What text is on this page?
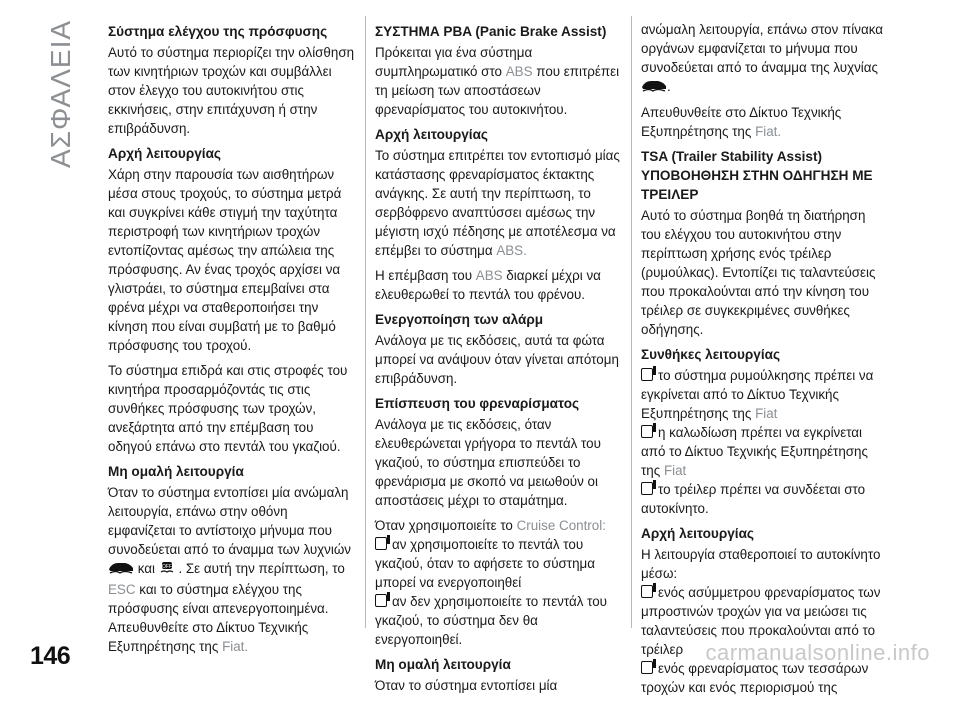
ΑΣΦΑΛΕΙΑ Σύστημα ελέγχου της πρόσφυσης

Αυτό το σύστημα περιορίζει την ολίσθηση των κινητήριων τροχών και συμβάλλει στον έλεγχο του αυτοκινήτου στις εκκινήσεις, στην επιτάχυνση ή στην επιβράδυνση.

Αρχή λειτουργίας

Χάρη στην παρουσία των αισθητήρων μέσα στους τροχούς, το σύστημα μετρά και συγκρίνει κάθε στιγμή την ταχύτητα περιστροφή των κινητήριων τροχών εντοπίζοντας αμέσως την απώλεια της πρόσφυσης. Αν ένας τροχός αρχίσει να γλιστράει, το σύστημα επεμβαίνει στα φρένα μέχρι να σταθεροποιήσει την κίνηση που είναι συμβατή με το βαθμό πρόσφυσης του τροχού.

Το σύστημα επιδρά και στις στροφές του κινητήρα προσαρμόζοντάς τις στις συνθήκες πρόσφυσης των τροχών, ανεξάρτητα από την επέμβαση του οδηγού επάνω στο πεντάλ του γκαζιού.

Μη ομαλή λειτουργία

Όταν το σύστημα εντοπίσει μία ανώμαλη λειτουργία, επάνω στην οθόνη εμφανίζεται το αντίστοιχο μήνυμα που συνοδεύεται από το άναμμα των λυχνιών  και OFF . Σε αυτή την περίπτωση, το ESC και το σύστημα ελέγχου της πρόσφυσης είναι απενεργοποιημένα. Απευθυνθείτε στο Δίκτυο Τεχνικής Εξυπηρέτησης της Fiat.

ΣΥΣΤΗΜΑ PBA (Panic Brake Assist)

Πρόκειται για ένα σύστημα συμπληρωματικό στο ABS που επιτρέπει τη μείωση των αποστάσεων φρεναρίσματος του αυτοκινήτου.

Αρχή λειτουργίας

Το σύστημα επιτρέπει τον εντοπισμό μίας κατάστασης φρεναρίσματος έκτακτης ανάγκης. Σε αυτή την περίπτωση, το σερβόφρενο αναπτύσσει αμέσως την μέγιστη ισχύ πέδησης με αποτέλεσμα να επέμβει το σύστημα ABS.

Η επέμβαση του ABS διαρκεί μέχρι να ελευθερωθεί το πεντάλ του φρένου.

Ενεργοποίηση των αλάρμ

Ανάλογα με τις εκδόσεις, αυτά τα φώτα μπορεί να ανάψουν όταν γίνεται απότομη επιβράδυνση.

Επίσπευση του φρεναρίσματος

Ανάλογα με τις εκδόσεις, όταν ελευθερώνεται γρήγορα το πεντάλ του γκαζιού, το σύστημα επισπεύδει το φρενάρισμα με σκοπό να μειωθούν οι αποστάσεις μέχρι το σταμάτημα.

Όταν χρησιμοποιείτε το Cruise Control:

αν χρησιμοποιείτε το πεντάλ του γκαζιού, όταν το αφήσετε το σύστημα μπορεί να ενεργοποιηθεί

αν δεν χρησιμοποιείτε το πεντάλ του γκαζιού, το σύστημα δεν θα ενεργοποιηθεί.

Μη ομαλή λειτουργία

Όταν το σύστημα εντοπίσει μία

ανώμαλη λειτουργία, επάνω στον πίνακα οργάνων εμφανίζεται το μήνυμα που συνοδεύεται από το άναμμα της λυχνίας .

Απευθυνθείτε στο Δίκτυο Τεχνικής Εξυπηρέτησης της Fiat.

TSA (Trailer Stability Assist) ΥΠΟΒΟΗΘΗΣΗ ΣΤΗΝ ΟΔΗΓΗΣΗ ΜΕ ΤΡΕΙΛΕΡ

Αυτό το σύστημα βοηθά τη διατήρηση του ελέγχου του αυτοκινήτου στην περίπτωση χρήσης ενός τρέιλερ (ρυμούλκας). Εντοπίζει τις ταλαντεύσεις που προκαλούνται από την κίνηση του τρέιλερ σε συγκεκριμένες συνθήκες οδήγησης.

Συνθήκες λειτουργίας

το σύστημα ρυμούλκησης πρέπει να εγκρίνεται από το Δίκτυο Τεχνικής Εξυπηρέτησης της Fiat

η καλωδίωση πρέπει να εγκρίνεται από το Δίκτυο Τεχνικής Εξυπηρέτησης της Fiat

το τρέιλερ πρέπει να συνδέεται στο αυτοκίνητο.

Αρχή λειτουργίας

Η λειτουργία σταθεροποιεί το αυτοκίνητο μέσω:

ενός ασύμμετρου φρεναρίσματος των μπροστινών τροχών για να μειώσει τις ταλαντεύσεις που προκαλούνται από το τρέιλερ

ενός φρεναρίσματος των τεσσάρων τροχών και ενός περιορισμού της

146	carmanualsonline.info
